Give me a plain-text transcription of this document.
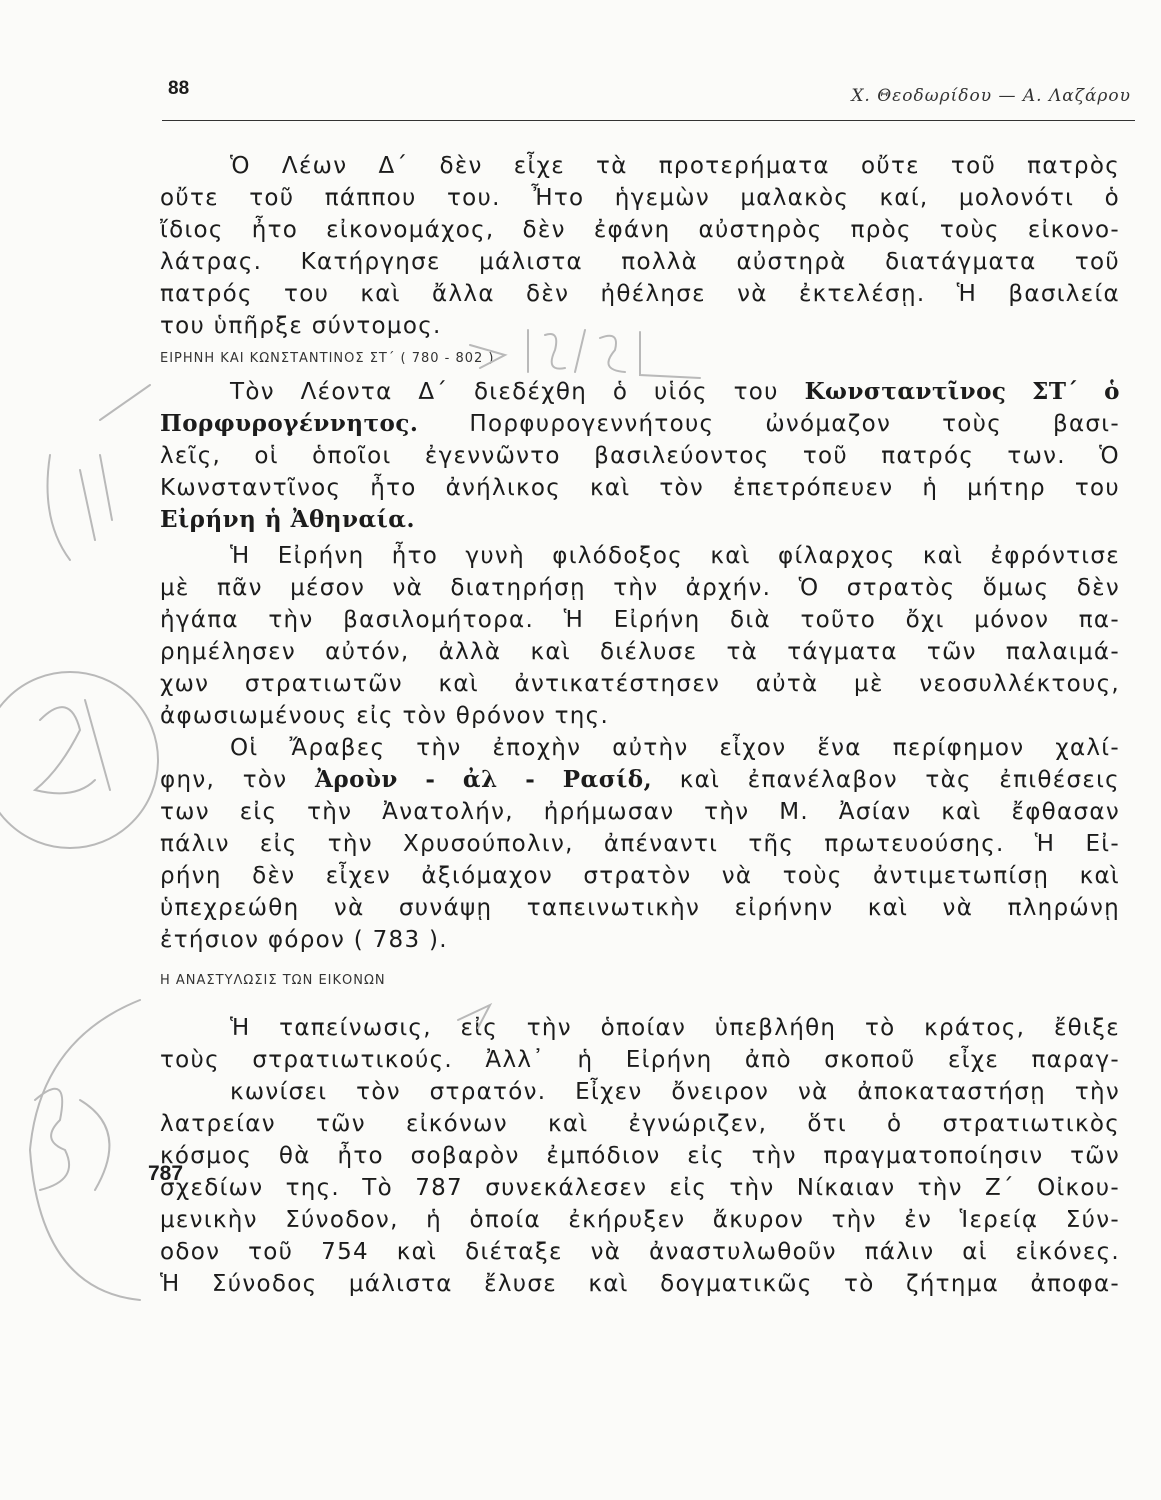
88	Χ. Θεοδωρίδου — Α. Λαζάρου
Ὁ Λέων Δ΄ δὲν εἶχε τὰ προτερήματα οὔτε τοῦ πατρὸς
οὔτε τοῦ πάππου του. Ἦτο ἡγεμὼν μαλακὸς καί, μολονότι ὁ
ἴδιος ἦτο εἰκονομάχος, δὲν ἐφάνη αὐστηρὸς πρὸς τοὺς εἰκονο-
λάτρας. Κατήργησε μάλιστα πολλὰ αὐστηρὰ διατάγματα τοῦ
πατρός του καὶ ἄλλα δὲν ἠθέλησε νὰ ἐκτελέσῃ. Ἡ βασιλεία
του ὑπῆρξε σύντομος.
ΕΙΡΗΝΗ ΚΑΙ ΚΩΝΣΤΑΝΤΙΝΟΣ ΣΤ΄ ( 780 - 802 )
Τὸν Λέοντα Δ΄ διεδέχθη ὁ υἱός του Κωνσταντῖνος ΣΤ΄ ὁ
Πορφυρογέννητος. Πορφυρογεννήτους ὠνόμαζον τοὺς βασι-
λεῖς, οἱ ὁποῖοι ἐγεννῶντο βασιλεύοντος τοῦ πατρός των. Ὁ
Κωνσταντῖνος ἦτο ἀνήλικος καὶ τὸν ἐπετρόπευεν ἡ μήτηρ του
Εἰρήνη ἡ Ἀθηναία.
Ἡ Εἰρήνη ἦτο γυνὴ φιλόδοξος καὶ φίλαρχος καὶ ἐφρόντισε
μὲ πᾶν μέσον νὰ διατηρήσῃ τὴν ἀρχήν. Ὁ στρατὸς ὅμως δὲν
ἠγάπα τὴν βασιλομήτορα. Ἡ Εἰρήνη διὰ τοῦτο ὄχι μόνον πα-
ρημέλησεν αὐτόν, ἀλλὰ καὶ διέλυσε τὰ τάγματα τῶν παλαιμά-
χων στρατιωτῶν καὶ ἀντικατέστησεν αὐτὰ μὲ νεοσυλλέκτους,
ἀφωσιωμένους εἰς τὸν θρόνον της.
Οἱ Ἄραβες τὴν ἐποχὴν αὐτὴν εἶχον ἕνα περίφημον χαλί-
φην, τὸν Ἀροὺν - ἀλ - Ρασίδ, καὶ ἐπανέλαβον τὰς ἐπιθέσεις
των εἰς τὴν Ἀνατολήν, ἠρήμωσαν τὴν Μ. Ἀσίαν καὶ ἔφθασαν
πάλιν εἰς τὴν Χρυσούπολιν, ἀπέναντι τῆς πρωτευούσης. Ἡ Εἰ-
ρήνη δὲν εἶχεν ἀξιόμαχον στρατὸν νὰ τοὺς ἀντιμετωπίσῃ καὶ
ὑπεχρεώθη νὰ συνάψῃ ταπεινωτικὴν εἰρήνην καὶ νὰ πληρώνῃ
ἐτήσιον φόρον ( 783 ).
Η ΑΝΑΣΤΥΛΩΣΙΣ ΤΩΝ ΕΙΚΟΝΩΝ
Ἡ ταπείνωσις, εἰς τὴν ὁποίαν ὑπεβλήθη τὸ κράτος, ἔθιξε
τοὺς στρατιωτικούς. Ἀλλ᾽ ἡ Εἰρήνη ἀπὸ σκοποῦ εἶχε παραγ-
κωνίσει τὸν στρατόν. Εἶχεν ὄνειρον νὰ ἀποκαταστήσῃ τὴν
λατρείαν τῶν εἰκόνων καὶ ἐγνώριζεν, ὅτι ὁ στρατιωτικὸς
κόσμος θὰ ἦτο σοβαρὸν ἐμπόδιον εἰς τὴν πραγματοποίησιν τῶν
σχεδίων της. Τὸ 787 συνεκάλεσεν εἰς τὴν Νίκαιαν τὴν Ζ΄ Οἰκου-
μενικὴν Σύνοδον, ἡ ὁποία ἐκήρυξεν ἄκυρον τὴν ἐν Ἱερείᾳ Σύν-
οδον τοῦ 754 καὶ διέταξε νὰ ἀναστυλωθοῦν πάλιν αἱ εἰκόνες.
Ἡ Σύνοδος μάλιστα ἔλυσε καὶ δογματικῶς τὸ ζήτημα ἀποφα-
787
